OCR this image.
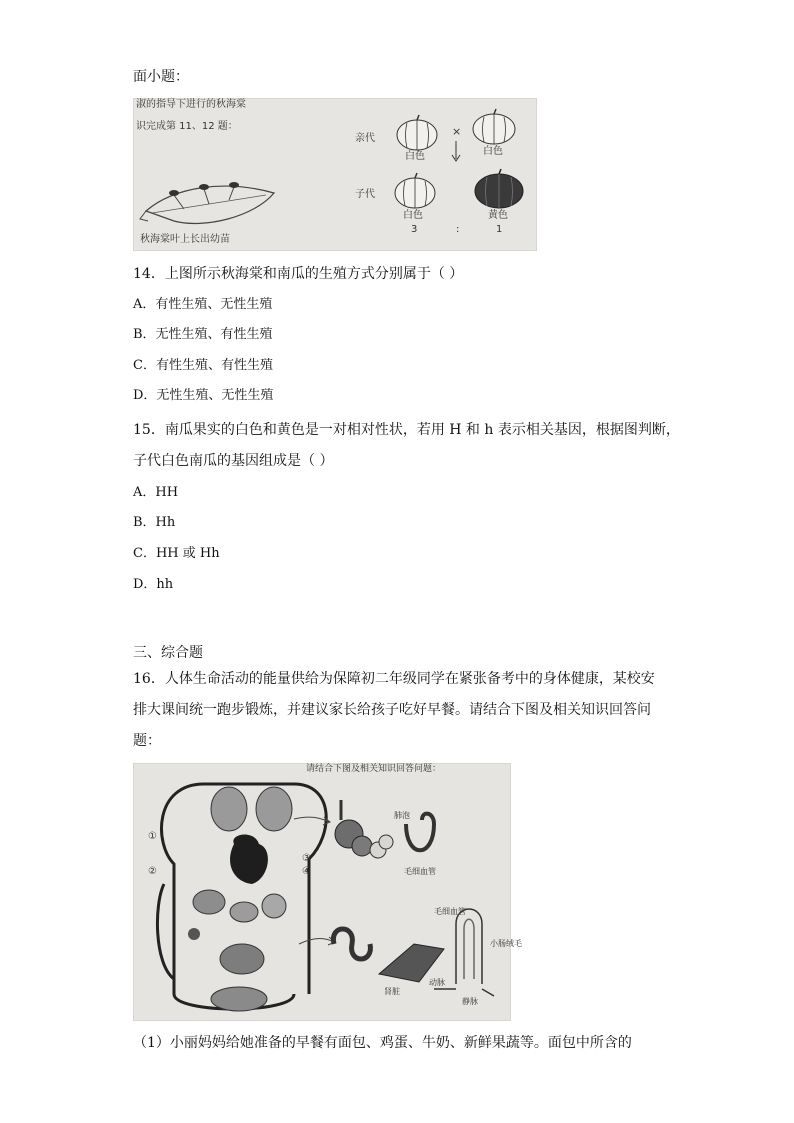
面小题：
淑的指导下进行的秋海棠
识完成第 11、12 题：
秋海棠叶上长出幼苗
亲代
子代
白色
×
白色
白色
3	:
黄色
1
14．上图所示秋海棠和南瓜的生殖方式分别属于（ ）
A．有性生殖、无性生殖
B．无性生殖、有性生殖
C．有性生殖、有性生殖
D．无性生殖、无性生殖
15．南瓜果实的白色和黄色是一对相对性状，若用 H 和 h 表示相关基因，根据图判断，
子代白色南瓜的基因组成是（ ）
A．HH
B．Hh
C．HH 或 Hh
D．hh
三、综合题
16．人体生命活动的能量供给为保障初二年级同学在紧张备考中的身体健康，某校安
排大课间统一跑步锻炼，并建议家长给孩子吃好早餐。请结合下图及相关知识回答问
题：
请结合下图及相关知识回答问题：
①
②
③
④
肺泡
毛细血管
肾脏
毛细血管
小肠绒毛
动脉
静脉
（1）小丽妈妈给她准备的早餐有面包、鸡蛋、牛奶、新鲜果蔬等。面包中所含的
